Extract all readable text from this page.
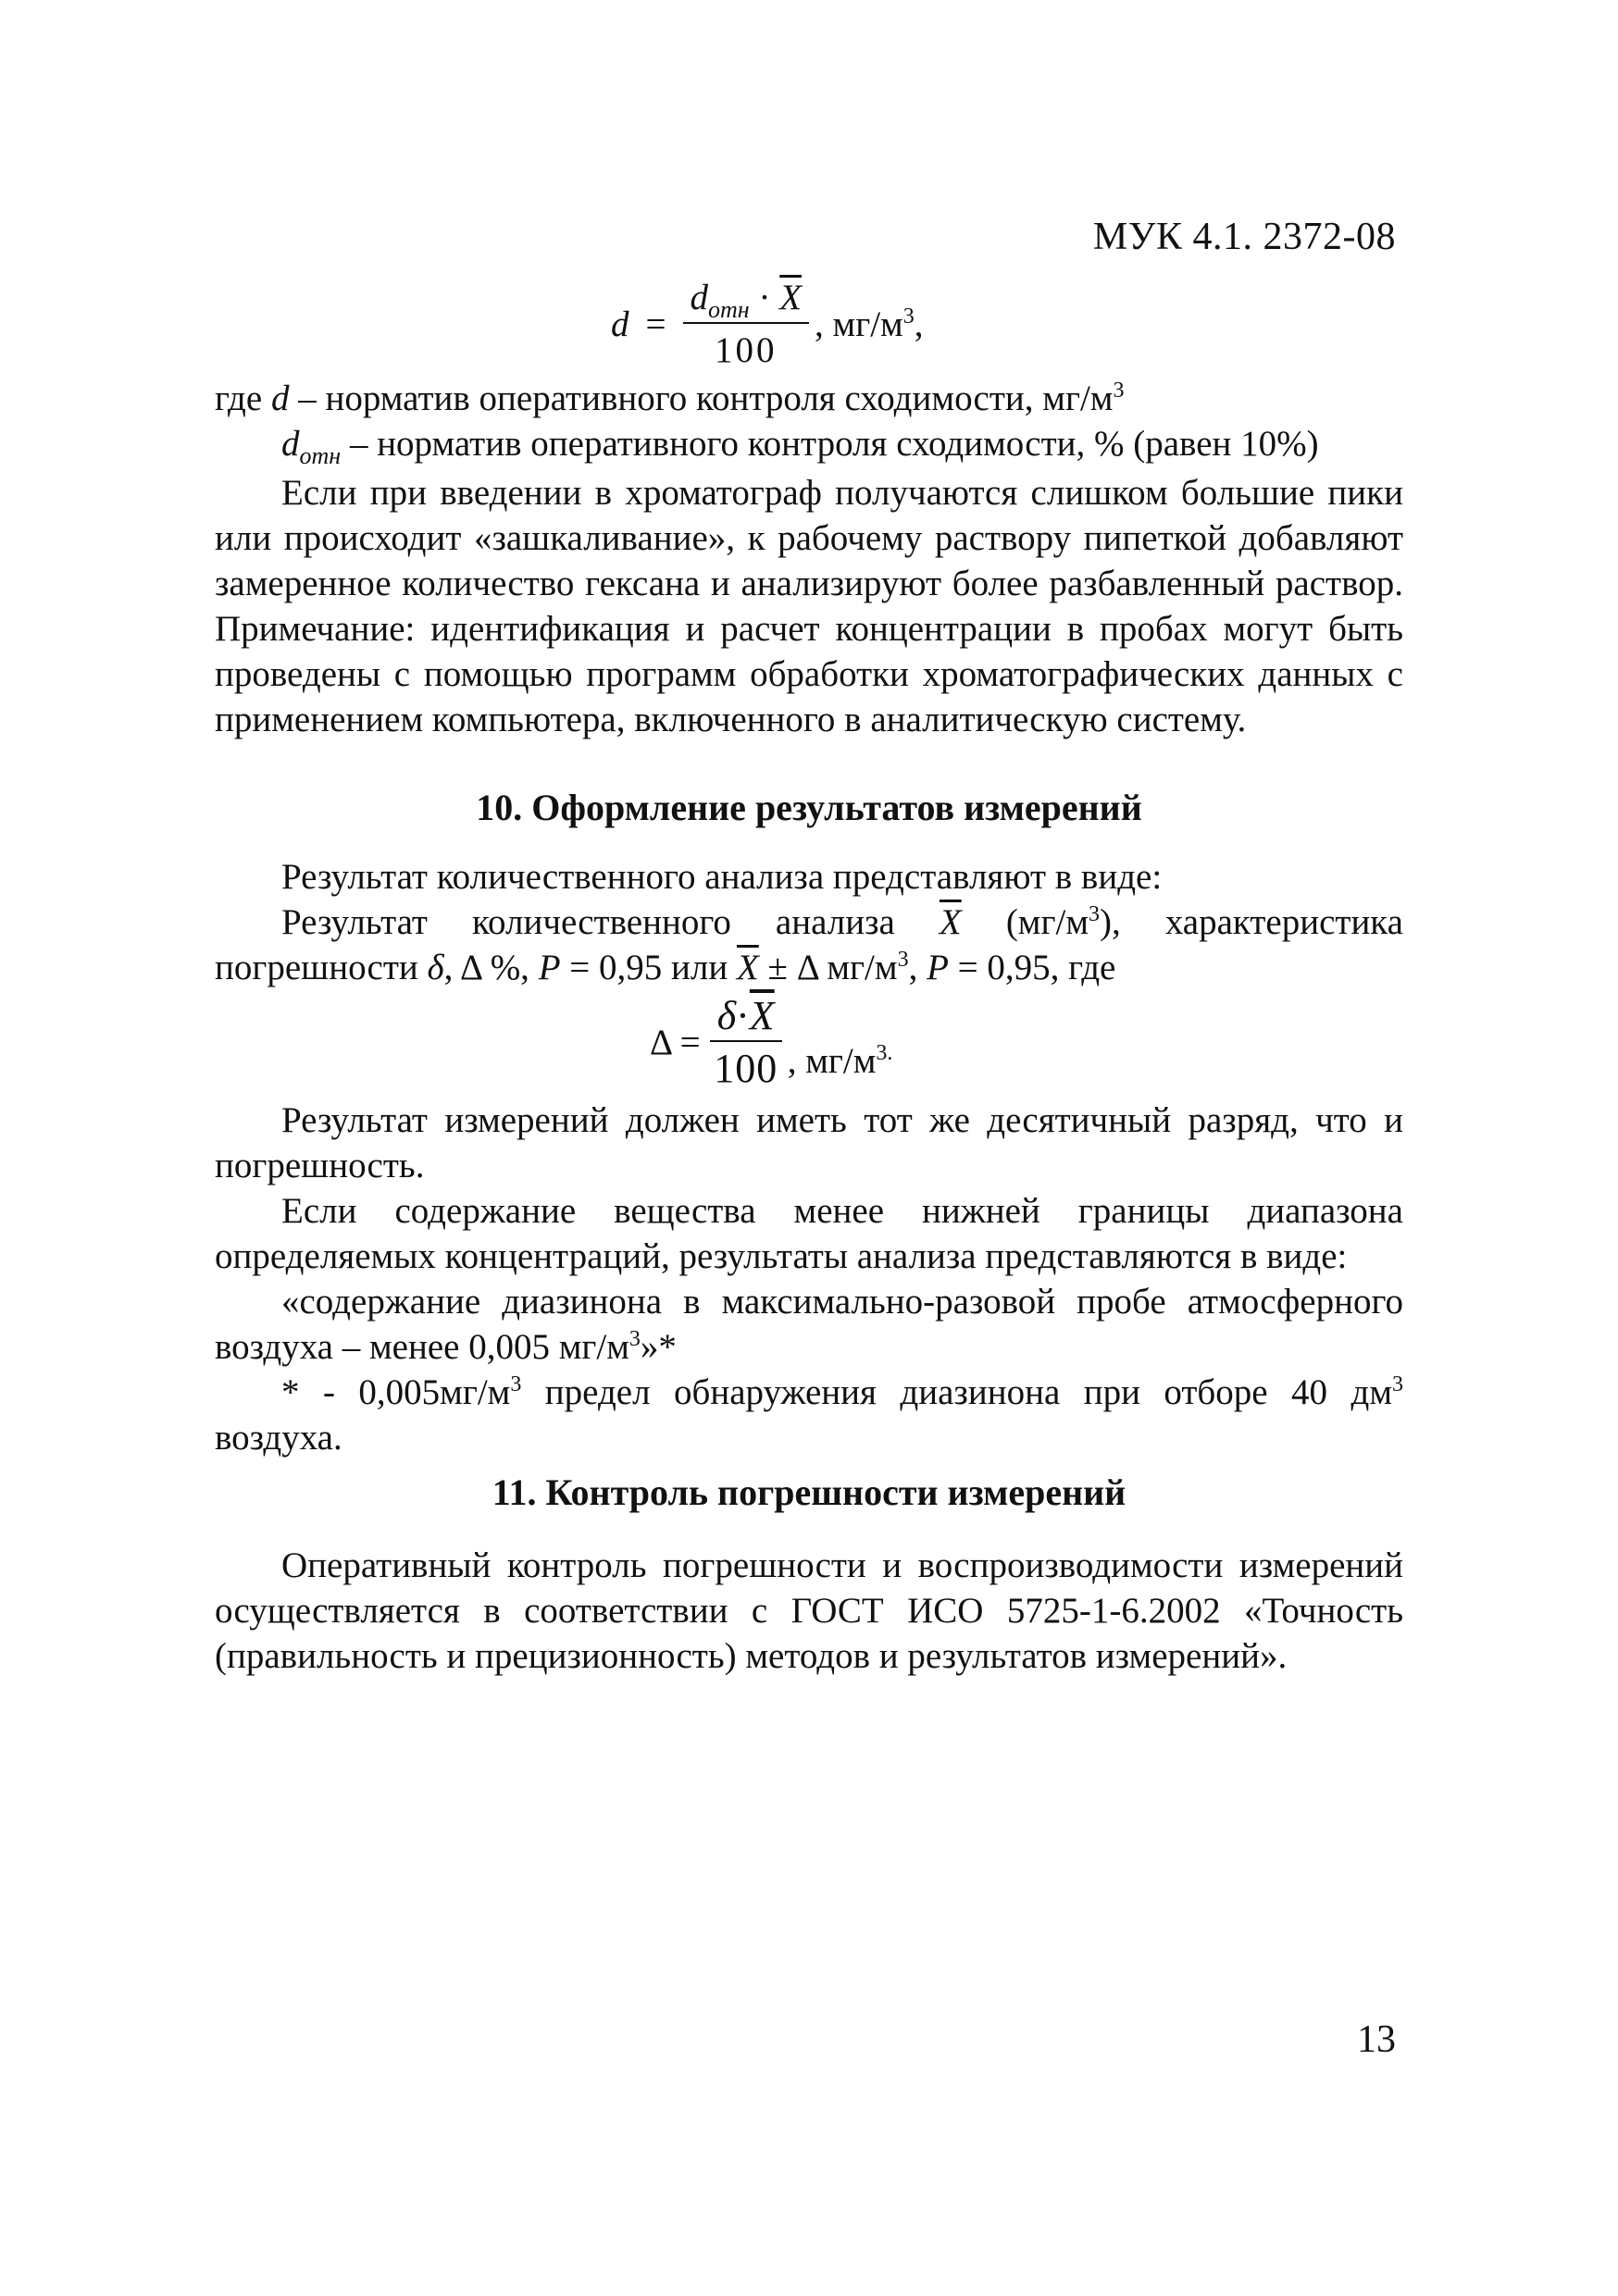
МУК 4.1. 2372-08
$d = \frac{d_{отн} \cdot \overline{X}}{100}$ , $мг/м^3$,

где d – норматив оперативного контроля сходимости, $мг/м^3$

$d_{отн}$ – норматив оперативного контроля сходимости, % (равен 10%)

Если при введении в хроматограф получаются слишком большие пики или происходит «зашкаливание», к рабочему раствору пипеткой добавляют замеренное количество гексана и анализируют более разбавленный раствор. Примечание: идентификация и расчет концентрации в пробах могут быть проведены с помощью программ обработки хроматографических данных с применением компьютера, включенного в аналитическую систему.

10. Оформление результатов измерений

Результат количественного анализа представляют в виде:

Результат количественного анализа $\overline{X}$ $(мг/м^3)$, характеристика погрешности δ, Δ %, P = 0,95 или $\overline{X} \pm \Delta$ $мг/м^3$, P = 0,95, где

$\Delta = \frac{\delta\cdot\overline{X}}{100}$ , $мг/м^{3.}$

Результат измерений должен иметь тот же десятичный разряд, что и погрешность.

Если содержание вещества менее нижней границы диапазона определяемых концентраций, результаты анализа представляются в виде:

«содержание диазинона в максимально-разовой пробе атмосферного воздуха – менее 0,005 $мг/м^3»*$

* - $0,005мг/м^3$ предел обнаружения диазинона при отборе 40 $дм^3$ воздуха.

11. Контроль погрешности измерений

Оперативный контроль погрешности и воспроизводимости измерений осуществляется в соответствии с ГОСТ ИСО 5725-1-6.2002 «Точность (правильность и прецизионность) методов и результатов измерений».

13
